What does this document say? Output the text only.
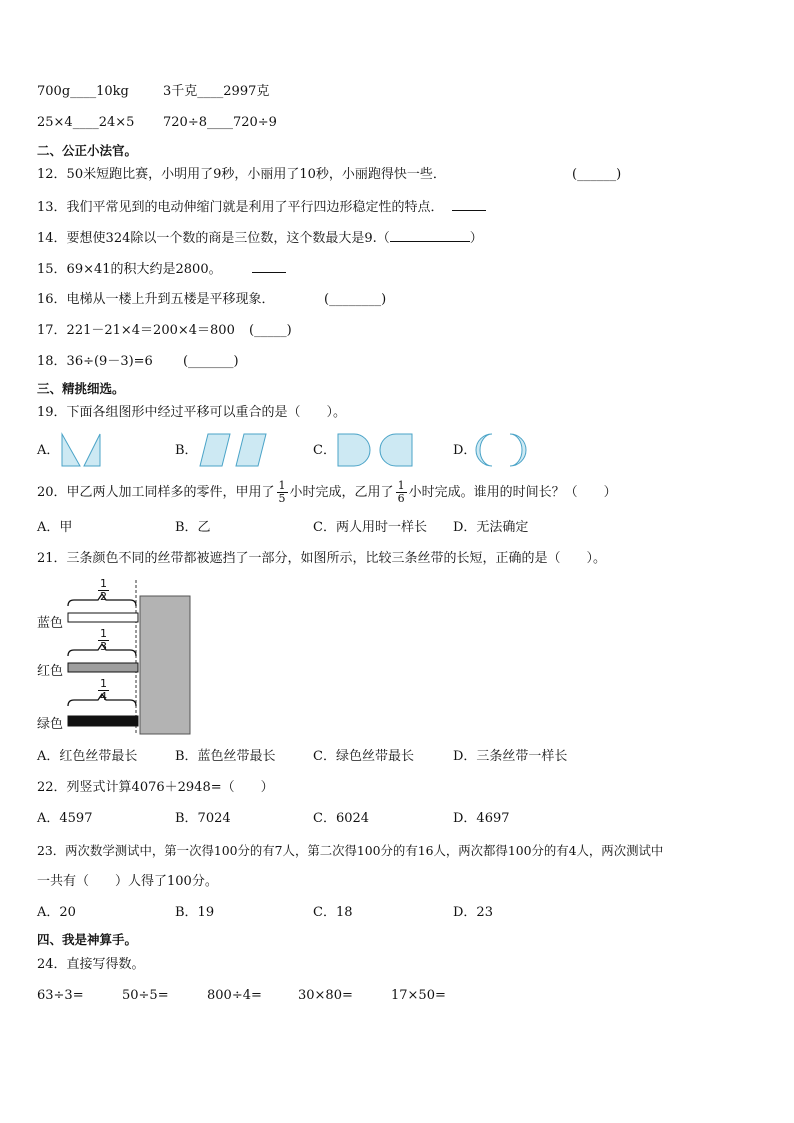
700g____10kg	3千克____2997克
25×4____24×5 720÷8____720÷9
二、公正小法官。
12．50米短跑比赛，小明用了9秒，小丽用了10秒，小丽跑得快一些．	(______)
13．我们平常见到的电动伸缩门就是利用了平行四边形稳定性的特点．
14．要想使324除以一个数的商是三位数，这个数最大是9.（	）
15．69×41的积大约是2800。
16．电梯从一楼上升到五楼是平移现象．	(________)
17．221－21×4＝200×4＝800 (_____)
18．36÷(9－3)=6 (_______)
三、精挑细选。
19．下面各组图形中经过平移可以重合的是（　　）。
A．	B．	C．	D．
20．甲乙两人加工同样多的零件，甲用了 $\frac{1}{5}$ 小时完成，乙用了 $\frac{1}{6}$ 小时完成。谁用的时间长？（　　）
A．甲	B．乙	C．两人用时一样长 D．无法确定
21．三条颜色不同的丝带都被遮挡了一部分，如图所示，比较三条丝带的长短，正确的是（　　）。
$\frac{1}{2}$
$\frac{1}{3}$
$\frac{1}{4}$
蓝色
红色
绿色
A．红色丝带最长	B．蓝色丝带最长	C．绿色丝带最长	D．三条丝带一样长
22．列竖式计算4076＋2948=（　　）
A．4597	B．7024	C．6024	D．4697
23．两次数学测试中，第一次得100分的有7人，第二次得100分的有16人，两次都得100分的有4人，两次测试中
一共有（　　）人得了100分。
A．20	B．19	C．18	D．23
四、我是神算手。
24．直接写得数。
63÷3=	50÷5=	800÷4=	30×80=	17×50=
